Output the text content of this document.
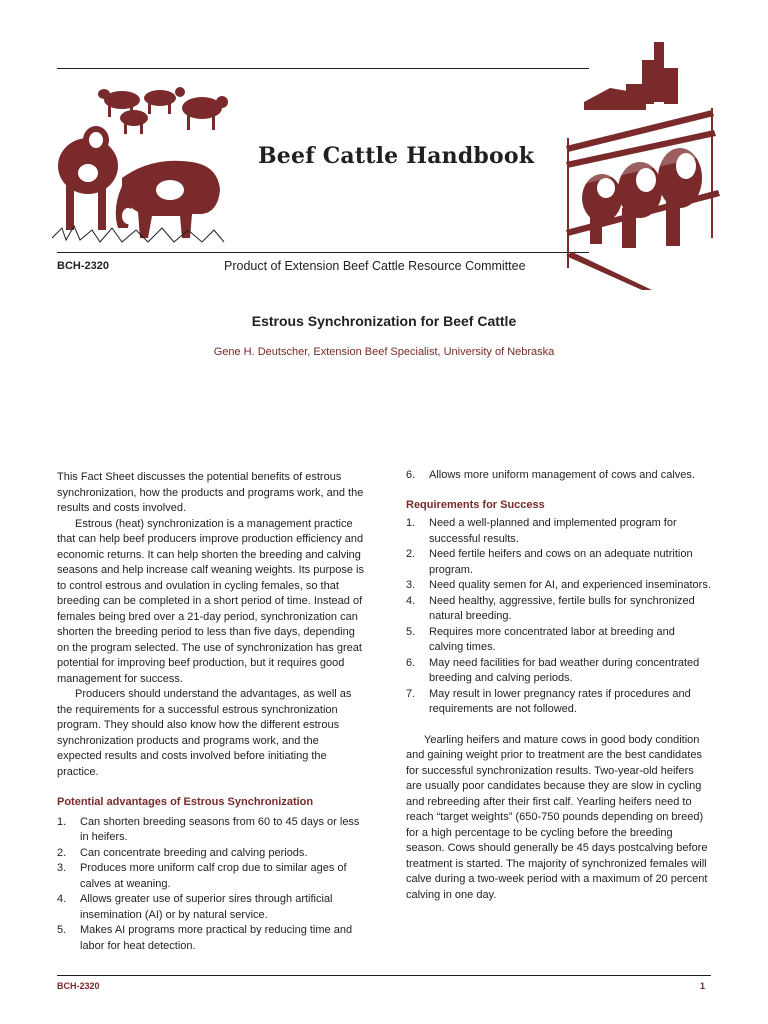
Beef Cattle Handbook
BCH-2320	Product of Extension Beef Cattle Resource Committee
Estrous Synchronization for Beef Cattle
Gene H. Deutscher, Extension Beef Specialist, University of Nebraska

This Fact Sheet discusses the potential benefits of estrous synchronization, how the products and programs work, and the results and costs involved.

Estrous (heat) synchronization is a management practice that can help beef producers improve production efficiency and economic returns. It can help shorten the breeding and calving seasons and help increase calf weaning weights. Its purpose is to control estrous and ovulation in cycling females, so that breeding can be completed in a short period of time. Instead of females being bred over a 21-day period, synchronization can shorten the breeding period to less than five days, depending on the program selected. The use of synchronization has great potential for improving beef production, but it requires good management for success.

Producers should understand the advantages, as well as the requirements for a successful estrous synchronization program. They should also know how the different estrous synchronization products and programs work, and the expected results and costs involved before initiating the practice.

Potential advantages of Estrous Synchronization
1. Can shorten breeding seasons from 60 to 45 days or less in heifers.
2. Can concentrate breeding and calving periods.
3. Produces more uniform calf crop due to similar ages of calves at weaning.
4. Allows greater use of superior sires through artificial insemination (AI) or by natural service.
5. Makes AI programs more practical by reducing time and labor for heat detection.
6. Allows more uniform management of cows and calves.
Requirements for Success
1. Need a well-planned and implemented program for successful results.
2. Need fertile heifers and cows on an adequate nutrition program.
3. Need quality semen for AI, and experienced inseminators.
4. Need healthy, aggressive, fertile bulls for synchronized natural breeding.
5. Requires more concentrated labor at breeding and calving times.
6. May need facilities for bad weather during concentrated breeding and calving periods.
7. May result in lower pregnancy rates if procedures and requirements are not followed.

Yearling heifers and mature cows in good body condition and gaining weight prior to treatment are the best candidates for successful synchronization results. Two-year-old heifers are usually poor candidates because they are slow in cycling and rebreeding after their first calf. Yearling heifers need to reach “target weights” (650-750 pounds depending on breed) for a high percentage to be cycling before the breeding season. Cows should generally be 45 days postcalving before treatment is started. The majority of synchronized females will calve during a two-week period with a maximum of 20 percent calving in one day.

BCH-2320	1
